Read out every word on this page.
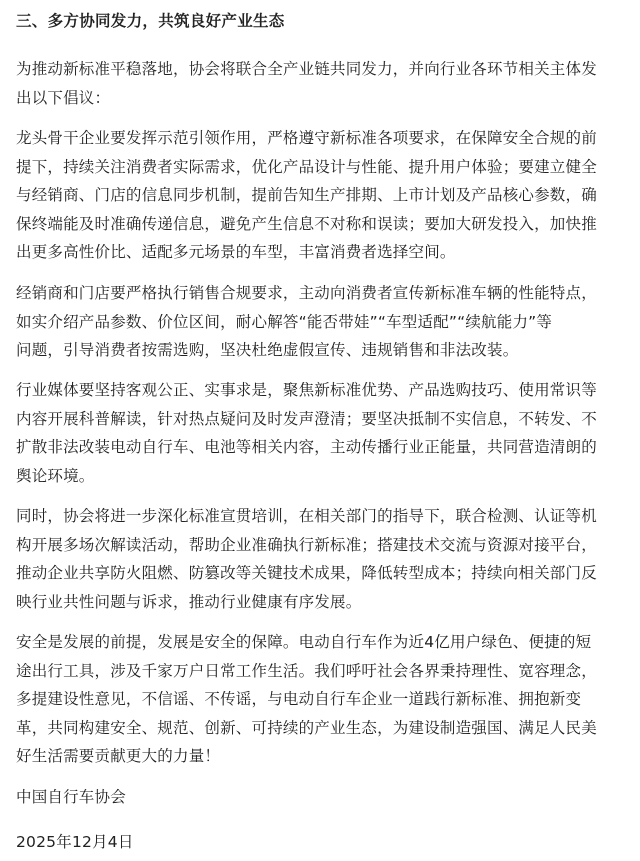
三、多方协同发力，共筑良好产业生态
为推动新标准平稳落地，协会将联合全产业链共同发力，并向行业各环节相关主体发
出以下倡议：
龙头骨干企业要发挥示范引领作用，严格遵守新标准各项要求，在保障安全合规的前
提下，持续关注消费者实际需求，优化产品设计与性能、提升用户体验；要建立健全
与经销商、门店的信息同步机制，提前告知生产排期、上市计划及产品核心参数，确
保终端能及时准确传递信息，避免产生信息不对称和误读；要加大研发投入，加快推
出更多高性价比、适配多元场景的车型，丰富消费者选择空间。
经销商和门店要严格执行销售合规要求，主动向消费者宣传新标准车辆的性能特点，
如实介绍产品参数、价位区间，耐心解答“能否带娃”“车型适配”“续航能力”等
问题，引导消费者按需选购，坚决杜绝虚假宣传、违规销售和非法改装。
行业媒体要坚持客观公正、实事求是，聚焦新标准优势、产品选购技巧、使用常识等
内容开展科普解读，针对热点疑问及时发声澄清；要坚决抵制不实信息，不转发、不
扩散非法改装电动自行车、电池等相关内容，主动传播行业正能量，共同营造清朗的
舆论环境。
同时，协会将进一步深化标准宣贯培训，在相关部门的指导下，联合检测、认证等机
构开展多场次解读活动，帮助企业准确执行新标准；搭建技术交流与资源对接平台，
推动企业共享防火阻燃、防篡改等关键技术成果，降低转型成本；持续向相关部门反
映行业共性问题与诉求，推动行业健康有序发展。
安全是发展的前提，发展是安全的保障。电动自行车作为近4亿用户绿色、便捷的短
途出行工具，涉及千家万户日常工作生活。我们呼吁社会各界秉持理性、宽容理念，
多提建设性意见，不信谣、不传谣，与电动自行车企业一道践行新标准、拥抱新变
革，共同构建安全、规范、创新、可持续的产业生态，为建设制造强国、满足人民美
好生活需要贡献更大的力量！
中国自行车协会
2025年12月4日
